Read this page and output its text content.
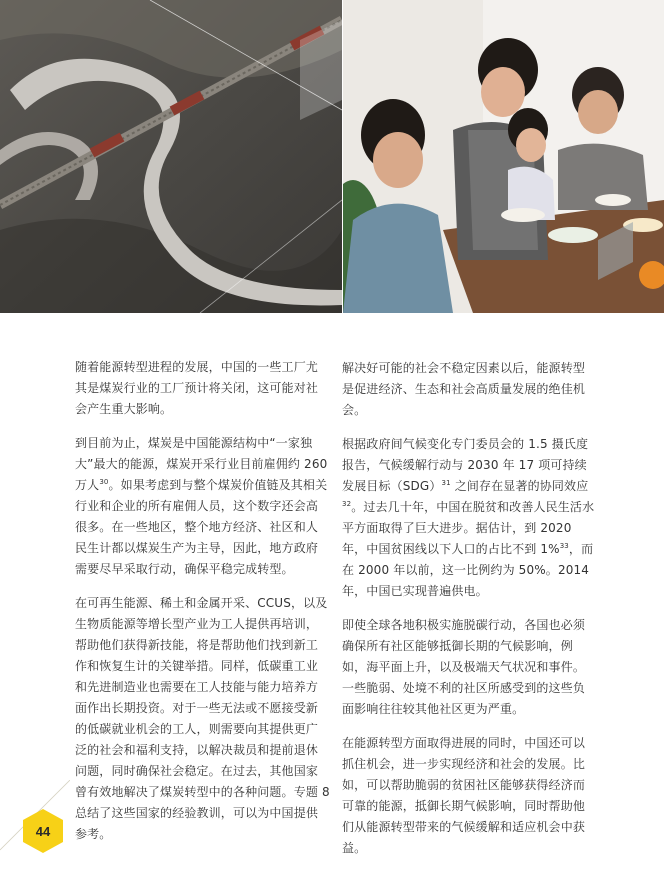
随着能源转型进程的发展，中国的一些工厂尤其是煤炭行业的工厂预计将关闭，这可能对社会产生重大影响。

到目前为止，煤炭是中国能源结构中“一家独大”最大的能源，煤炭开采行业目前雇佣约 260 万人$^{30}$。如果考虑到与整个煤炭价值链及其相关行业和企业的所有雇佣人员，这个数字还会高很多。在一些地区，整个地方经济、社区和人民生计都以煤炭生产为主导，因此，地方政府需要尽早采取行动，确保平稳完成转型。

在可再生能源、稀土和金属开采、CCUS，以及生物质能源等增长型产业为工人提供再培训，帮助他们获得新技能，将是帮助他们找到新工作和恢复生计的关键举措。同样，低碳重工业和先进制造业也需要在工人技能与能力培养方面作出长期投资。对于一些无法或不愿接受新的低碳就业机会的工人，则需要向其提供更广泛的社会和福利支持，以解决裁员和提前退休问题，同时确保社会稳定。在过去，其他国家曾有效地解决了煤炭转型中的各种问题。专题 8 总结了这些国家的经验教训，可以为中国提供参考。

解决好可能的社会不稳定因素以后，能源转型是促进经济、生态和社会高质量发展的绝佳机会。

根据政府间气候变化专门委员会的 1.5 摄氏度报告，气候缓解行动与 2030 年 17 项可持续发展目标（SDG）$^{31}$ 之间存在显著的协同效应$^{32}$。过去几十年，中国在脱贫和改善人民生活水平方面取得了巨大进步。据估计，到 2020 年，中国贫困线以下人口的占比不到 1%$^{33}$，而在 2000 年以前，这一比例约为 50%。2014 年，中国已实现普遍供电。

即使全球各地积极实施脱碳行动，各国也必须确保所有社区能够抵御长期的气候影响，例如，海平面上升，以及极端天气状况和事件。一些脆弱、处境不利的社区所感受到的这些负面影响往往较其他社区更为严重。

在能源转型方面取得进展的同时，中国还可以抓住机会，进一步实现经济和社会的发展。比如，可以帮助脆弱的贫困社区能够获得经济而可靠的能源，抵御长期气候影响，同时帮助他们从能源转型带来的气候缓解和适应机会中获益。

44
